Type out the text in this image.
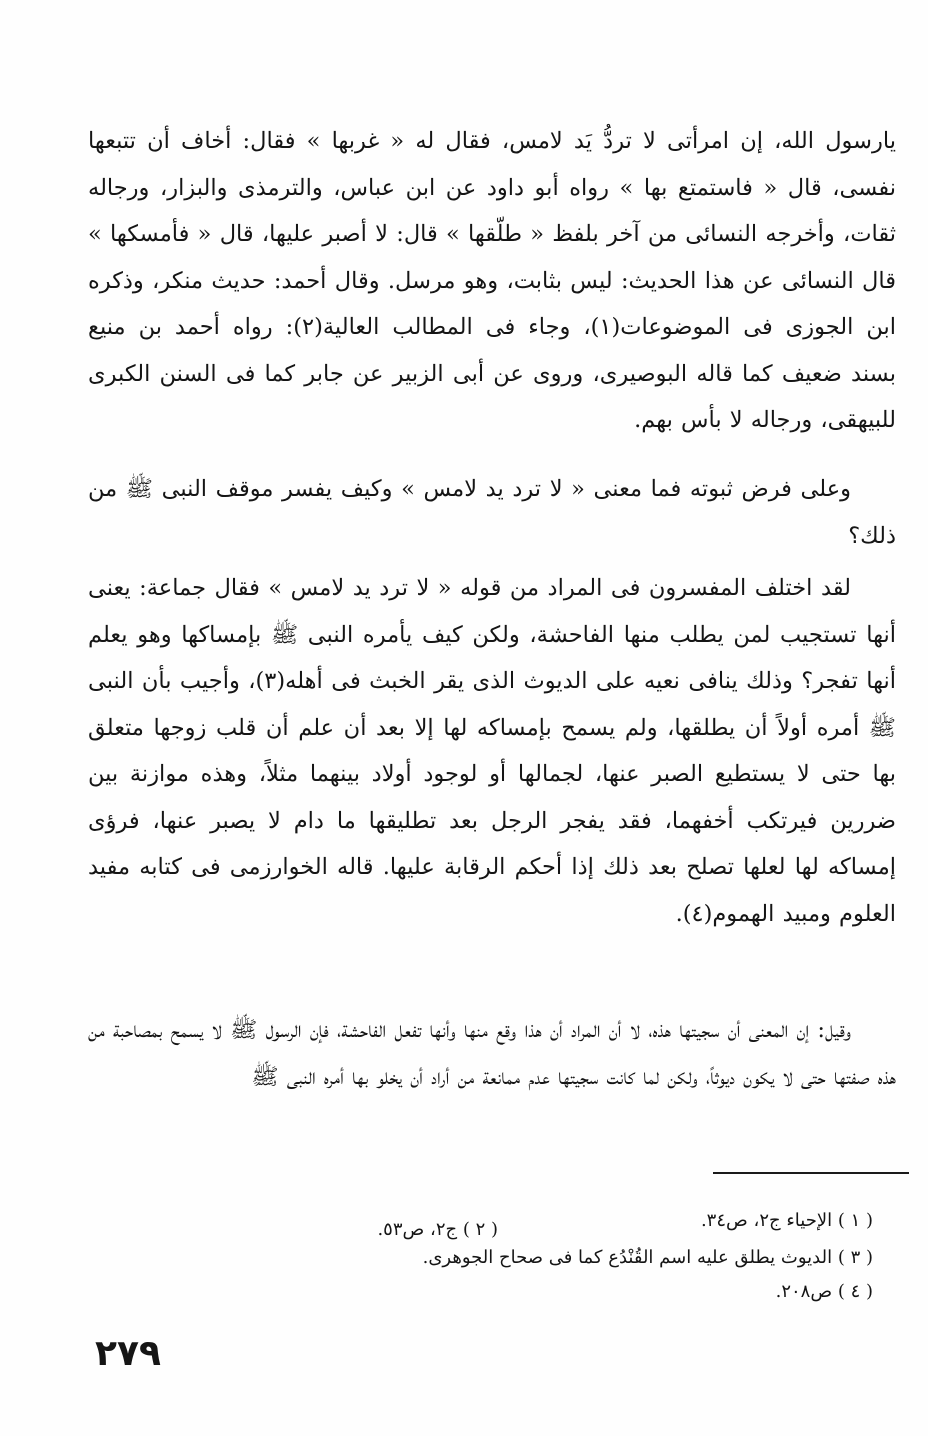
يارسول الله، إن امرأتى لا تردُّ يَد لامس، فقال له « غربها » فقال: أخاف أن تتبعها نفسى، قال « فاستمتع بها » رواه أبو داود عن ابن عباس، والترمذى والبزار، ورجاله ثقات، وأخرجه النسائى من آخر بلفظ « طلّقها » قال: لا أصبر عليها، قال « فأمسكها » قال النسائى عن هذا الحديث: ليس بثابت، وهو مرسل. وقال أحمد: حديث منكر، وذكره ابن الجوزى فى الموضوعات(١)، وجاء فى المطالب العالية(٢): رواه أحمد بن منيع بسند ضعيف كما قاله البوصيرى، وروى عن أبى الزبير عن جابر كما فى السنن الكبرى للبيهقى، ورجاله لا بأس بهم.

وعلى فرض ثبوته فما معنى « لا ترد يد لامس » وكيف يفسر موقف النبى ﷺ من ذلك؟

لقد اختلف المفسرون فى المراد من قوله « لا ترد يد لامس » فقال جماعة: يعنى أنها تستجيب لمن يطلب منها الفاحشة، ولكن كيف يأمره النبى ﷺ بإمساكها وهو يعلم أنها تفجر؟ وذلك ينافى نعيه على الديوث الذى يقر الخبث فى أهله(٣)، وأجيب بأن النبى ﷺ أمره أولاً أن يطلقها، ولم يسمح بإمساكه لها إلا بعد أن علم أن قلب زوجها متعلق بها حتى لا يستطيع الصبر عنها، لجمالها أو لوجود أولاد بينهما مثلاً، وهذه موازنة بين ضررين فيرتكب أخفهما، فقد يفجر الرجل بعد تطليقها ما دام لا يصبر عنها، فرؤى إمساكه لها لعلها تصلح بعد ذلك إذا أحكم الرقابة عليها. قاله الخوارزمى فى كتابه مفيد العلوم ومبيد الهموم(٤).

وقيل: إن المعنى أن سجيتها هذه، لا أن المراد أن هذا وقع منها وأنها تفعل الفاحشة، فإن الرسول ﷺ لا يسمح بمصاحبة من هذه صفتها حتى لا يكون ديوثاً، ولكن لما كانت سجيتها عدم ممانعة من أراد أن يخلو بها أمره النبى ﷺ

( ١ ) الإحياء ج٢، ص٣٤.

( ٢ ) ج٢، ص٥٣.

( ٣ ) الديوث يطلق عليه اسم القُنْدُع كما فى صحاح الجوهرى.

( ٤ ) ص٢٠٨.

٢٧٩
